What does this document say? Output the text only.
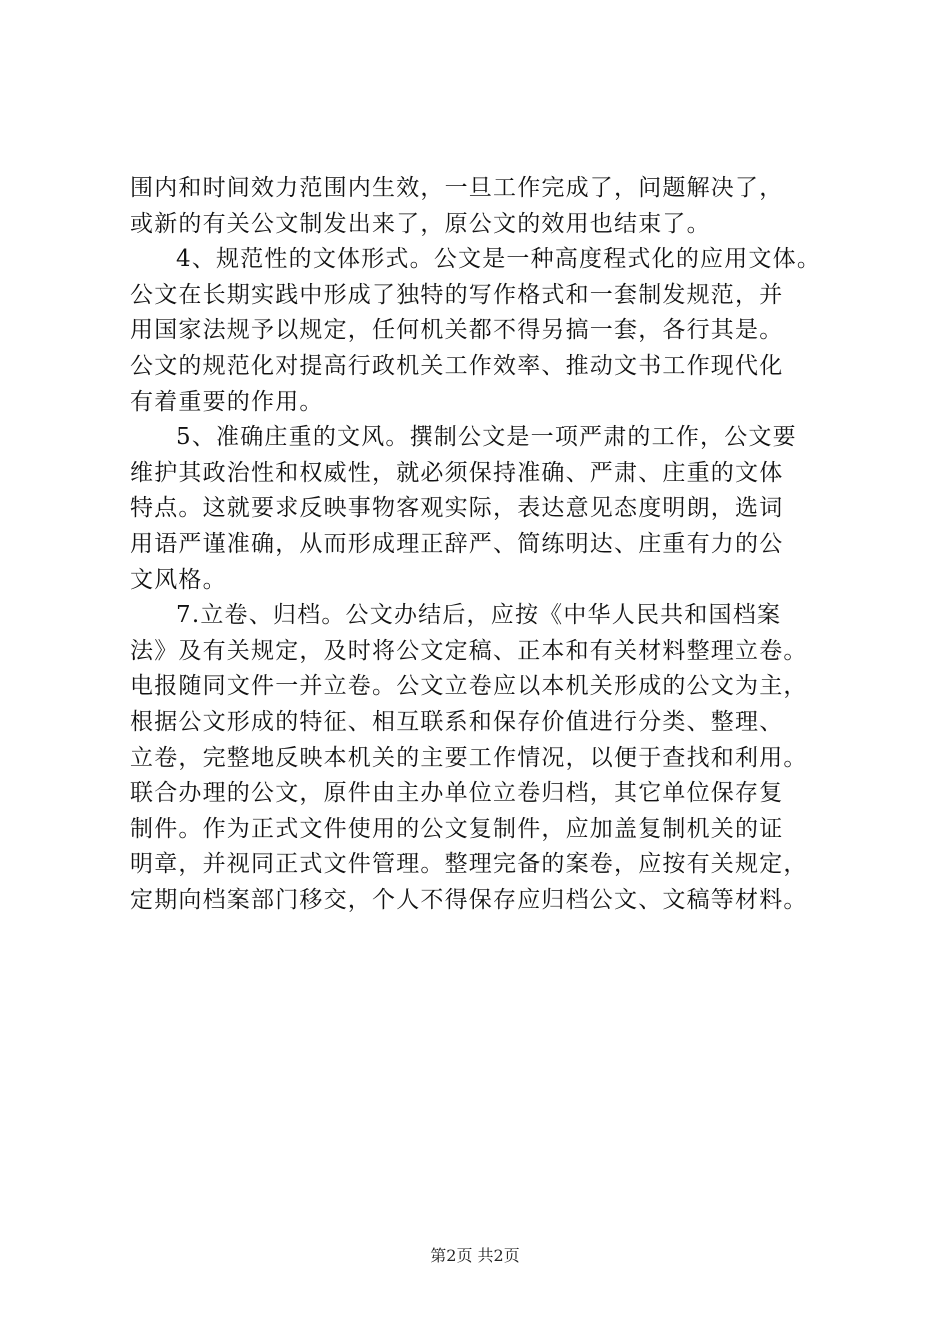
围内和时间效力范围内生效，一旦工作完成了，问题解决了，
或新的有关公文制发出来了，原公文的效用也结束了。
4、规范性的文体形式。公文是一种高度程式化的应用文体。
公文在长期实践中形成了独特的写作格式和一套制发规范，并
用国家法规予以规定，任何机关都不得另搞一套，各行其是。
公文的规范化对提高行政机关工作效率、推动文书工作现代化
有着重要的作用。
5、准确庄重的文风。撰制公文是一项严肃的工作，公文要
维护其政治性和权威性，就必须保持准确、严肃、庄重的文体
特点。这就要求反映事物客观实际，表达意见态度明朗，选词
用语严谨准确，从而形成理正辞严、简练明达、庄重有力的公
文风格。
7.立卷、归档。公文办结后，应按《中华人民共和国档案
法》及有关规定，及时将公文定稿、正本和有关材料整理立卷。
电报随同文件一并立卷。公文立卷应以本机关形成的公文为主，
根据公文形成的特征、相互联系和保存价值进行分类、整理、
立卷，完整地反映本机关的主要工作情况，以便于查找和利用。
联合办理的公文，原件由主办单位立卷归档，其它单位保存复
制件。作为正式文件使用的公文复制件，应加盖复制机关的证
明章，并视同正式文件管理。整理完备的案卷，应按有关规定，
定期向档案部门移交，个人不得保存应归档公文、文稿等材料。
第2页 共2页
